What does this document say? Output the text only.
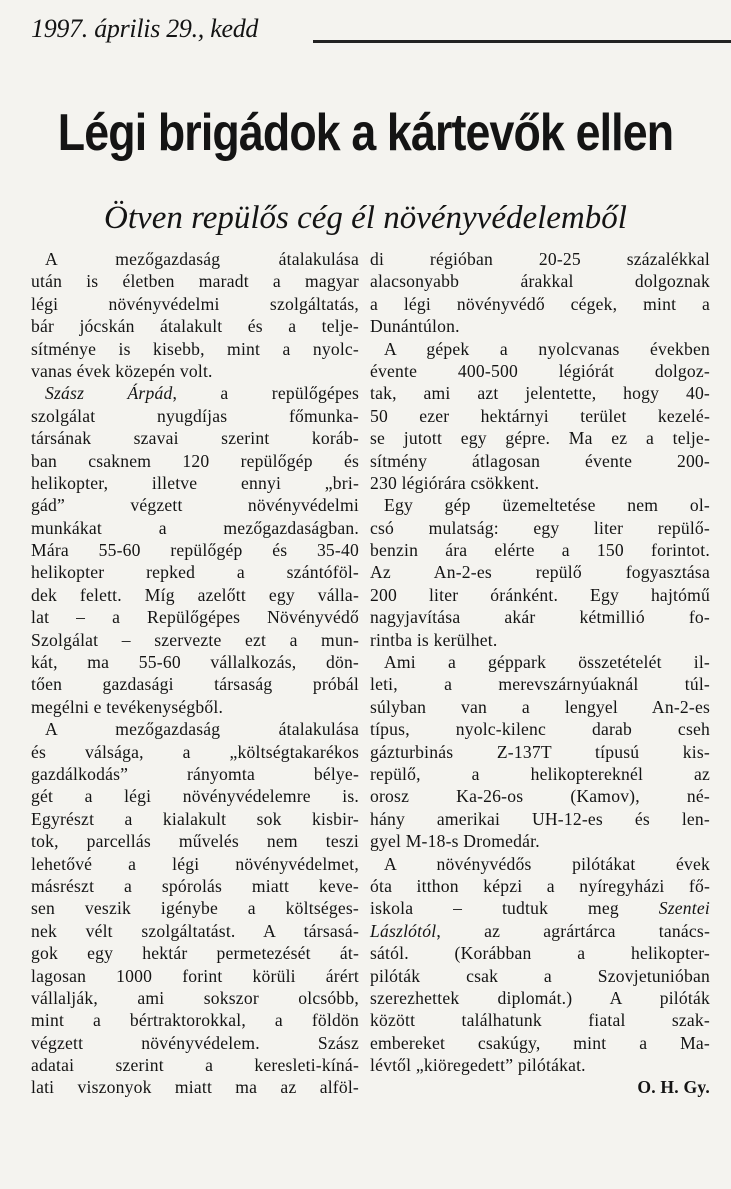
1997. április 29., kedd
Légi brigádok a kártevők ellen
Ötven repülős cég él növényvédelemből
A mezőgazdaság átalakulása
után is életben maradt a magyar
légi növényvédelmi szolgáltatás,
bár jócskán átalakult és a telje-
sítménye is kisebb, mint a nyolc-
vanas évek közepén volt.
Szász Árpád, a repülőgépes
szolgálat nyugdíjas főmunka-
társának szavai szerint koráb-
ban csaknem 120 repülőgép és
helikopter, illetve ennyi „bri-
gád” végzett növényvédelmi
munkákat a mezőgazdaságban.
Mára 55-60 repülőgép és 35-40
helikopter repked a szántóföl-
dek felett. Míg azelőtt egy válla-
lat – a Repülőgépes Növényvédő
Szolgálat – szervezte ezt a mun-
kát, ma 55-60 vállalkozás, dön-
tően gazdasági társaság próbál
megélni e tevékenységből.
A mezőgazdaság átalakulása
és válsága, a „költségtakarékos
gazdálkodás” rányomta bélye-
gét a légi növényvédelemre is.
Egyrészt a kialakult sok kisbir-
tok, parcellás művelés nem teszi
lehetővé a légi növényvédelmet,
másrészt a spórolás miatt keve-
sen veszik igénybe a költséges-
nek vélt szolgáltatást. A társasá-
gok egy hektár permetezését át-
lagosan 1000 forint körüli árért
vállalják, ami sokszor olcsóbb,
mint a bértraktorokkal, a földön
végzett növényvédelem. Szász
adatai szerint a keresleti-kíná-
lati viszonyok miatt ma az alföl-
di régióban 20-25 százalékkal
alacsonyabb árakkal dolgoznak
a légi növényvédő cégek, mint a
Dunántúlon.
A gépek a nyolcvanas években
évente 400-500 légiórát dolgoz-
tak, ami azt jelentette, hogy 40-
50 ezer hektárnyi terület kezelé-
se jutott egy gépre. Ma ez a telje-
sítmény átlagosan évente 200-
230 légiórára csökkent.
Egy gép üzemeltetése nem ol-
csó mulatság: egy liter repülő-
benzin ára elérte a 150 forintot.
Az An-2-es repülő fogyasztása
200 liter óránként. Egy hajtómű
nagyjavítása akár kétmillió fo-
rintba is kerülhet.
Ami a géppark összetételét il-
leti, a merevszárnyúaknál túl-
súlyban van a lengyel An-2-es
típus, nyolc-kilenc darab cseh
gázturbinás Z-137T típusú kis-
repülő, a helikoptereknél az
orosz Ka-26-os (Kamov), né-
hány amerikai UH-12-es és len-
gyel M-18-s Dromedár.
A növényvédős pilótákat évek
óta itthon képzi a nyíregyházi fő-
iskola – tudtuk meg Szentei
Lászlótól, az agrártárca tanács-
sától. (Korábban a helikopter-
pilóták csak a Szovjetunióban
szerezhettek diplomát.) A pilóták
között találhatunk fiatal szak-
embereket csakúgy, mint a Ma-
lévtől „kiöregedett” pilótákat.
O. H. Gy.
